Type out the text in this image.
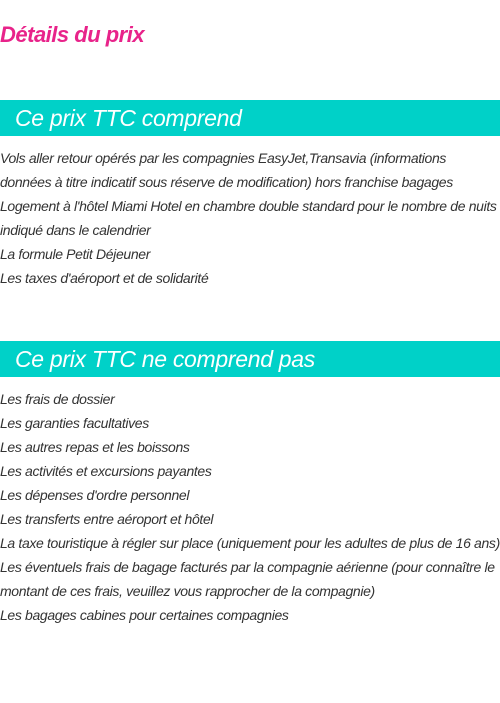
Détails du prix
Ce prix TTC comprend
Vols aller retour opérés par les compagnies EasyJet,Transavia (informations données à titre indicatif sous réserve de modification) hors franchise bagages
Logement à l'hôtel Miami Hotel en chambre double standard pour le nombre de nuits indiqué dans le calendrier
La formule Petit Déjeuner
Les taxes d'aéroport et de solidarité
Ce prix TTC ne comprend pas
Les frais de dossier
Les garanties facultatives
Les autres repas et les boissons
Les activités et excursions payantes
Les dépenses d'ordre personnel
Les transferts entre aéroport et hôtel
La taxe touristique à régler sur place (uniquement pour les adultes de plus de 16 ans)
Les éventuels frais de bagage facturés par la compagnie aérienne (pour connaître le montant de ces frais, veuillez vous rapprocher de la compagnie)
Les bagages cabines pour certaines compagnies
